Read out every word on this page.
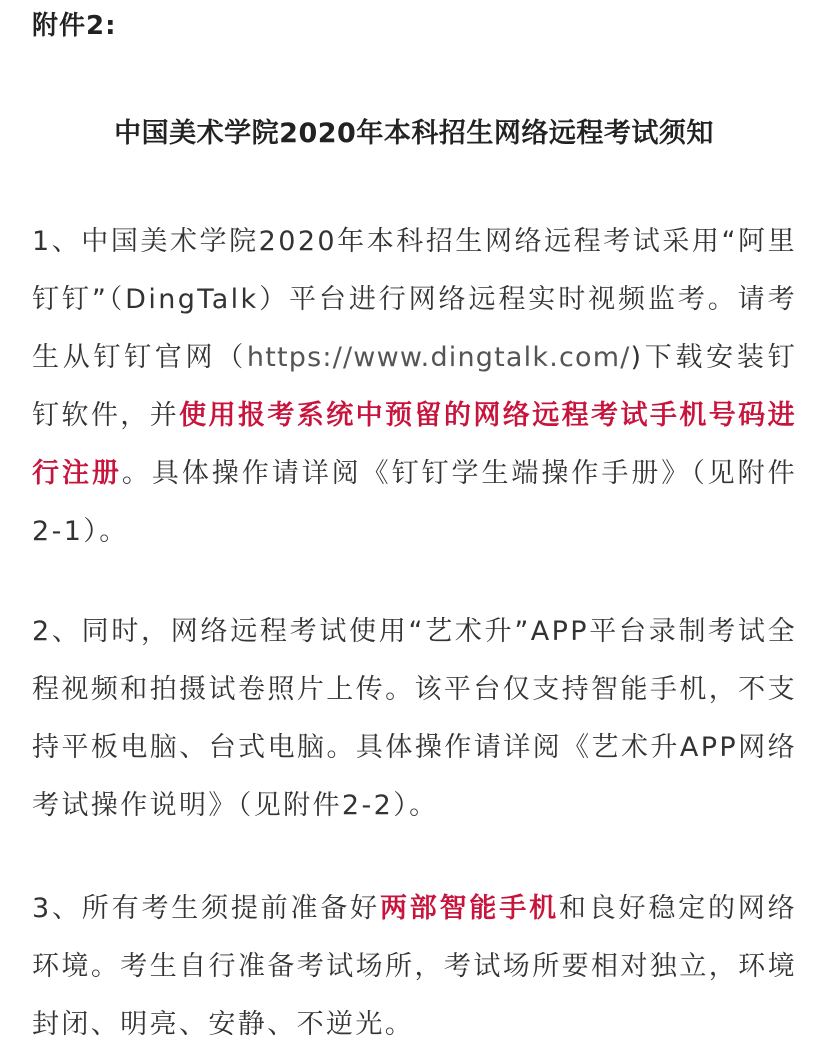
附件2:
中国美术学院2020年本科招生网络远程考试须知

1、中国美术学院2020年本科招生网络远程考试采用“阿里钉钉”（DingTalk）平台进行网络远程实时视频监考。请考生从钉钉官网（https://www.dingtalk.com/)下载安装钉钉软件，并使用报考系统中预留的网络远程考试手机号码进行注册。具体操作请详阅《钉钉学生端操作手册》（见附件2-1）。

2、同时，网络远程考试使用“艺术升”APP平台录制考试全程视频和拍摄试卷照片上传。该平台仅支持智能手机，不支持平板电脑、台式电脑。具体操作请详阅《艺术升APP网络考试操作说明》（见附件2-2）。

3、所有考生须提前准备好两部智能手机和良好稳定的网络环境。考生自行准备考试场所，考试场所要相对独立，环境封闭、明亮、安静、不逆光。
